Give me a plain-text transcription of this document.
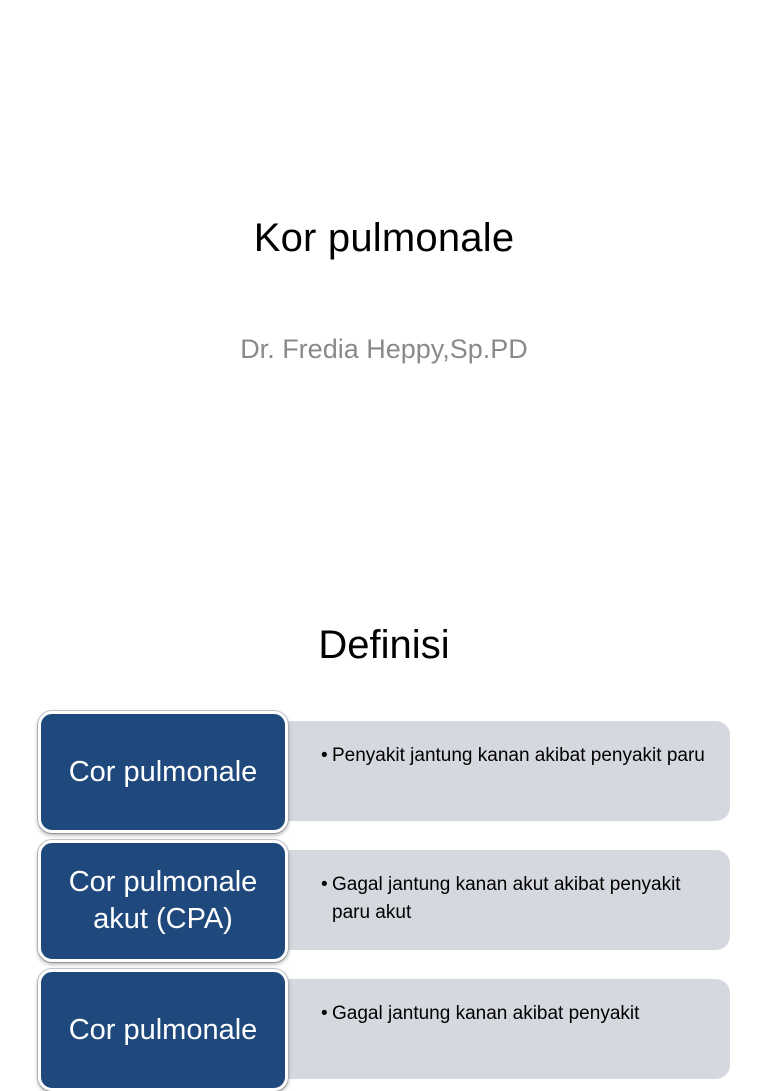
Kor pulmonale
Dr. Fredia Heppy,Sp.PD
Definisi
• Penyakit jantung kanan akibat penyakit paru
Cor pulmonale
• Gagal jantung kanan akut akibat penyakit paru akut
Cor pulmonale akut (CPA)
• Gagal jantung kanan akibat penyakit
Cor pulmonale
